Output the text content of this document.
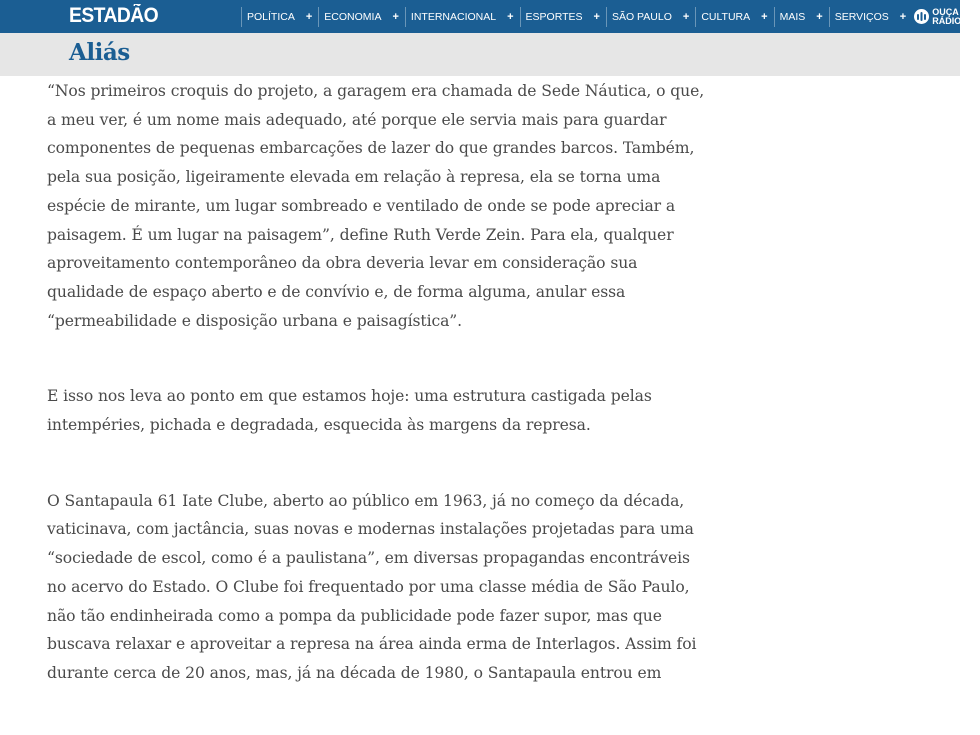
ESTADÃO	POLÍTICA + ECONOMIA + INTERNACIONAL + ESPORTES + SÃO PAULO + CULTURA + MAIS + SERVIÇOS +	OUÇA AS
RÁDIOS
Aliás

“Nos primeiros croquis do projeto, a garagem era chamada de Sede Náutica, o que, a meu ver, é um nome mais adequado, até porque ele servia mais para guardar componentes de pequenas embarcações de lazer do que grandes barcos. Também, pela sua posição, ligeiramente elevada em relação à represa, ela se torna uma espécie de mirante, um lugar sombreado e ventilado de onde se pode apreciar a paisagem. É um lugar na paisagem”, define Ruth Verde Zein. Para ela, qualquer aproveitamento contemporâneo da obra deveria levar em consideração sua qualidade de espaço aberto e de convívio e, de forma alguma, anular essa “permeabilidade e disposição urbana e paisagística”.

E isso nos leva ao ponto em que estamos hoje: uma estrutura castigada pelas intempéries, pichada e degradada, esquecida às margens da represa.

O Santapaula 61 Iate Clube, aberto ao público em 1963, já no começo da década, vaticinava, com jactância, suas novas e modernas instalações projetadas para uma “sociedade de escol, como é a paulistana”, em diversas propagandas encontráveis no acervo do Estado. O Clube foi frequentado por uma classe média de São Paulo, não tão endinheirada como a pompa da publicidade pode fazer supor, mas que buscava relaxar e aproveitar a represa na área ainda erma de Interlagos. Assim foi durante cerca de 20 anos, mas, já na década de 1980, o Santapaula entrou em
